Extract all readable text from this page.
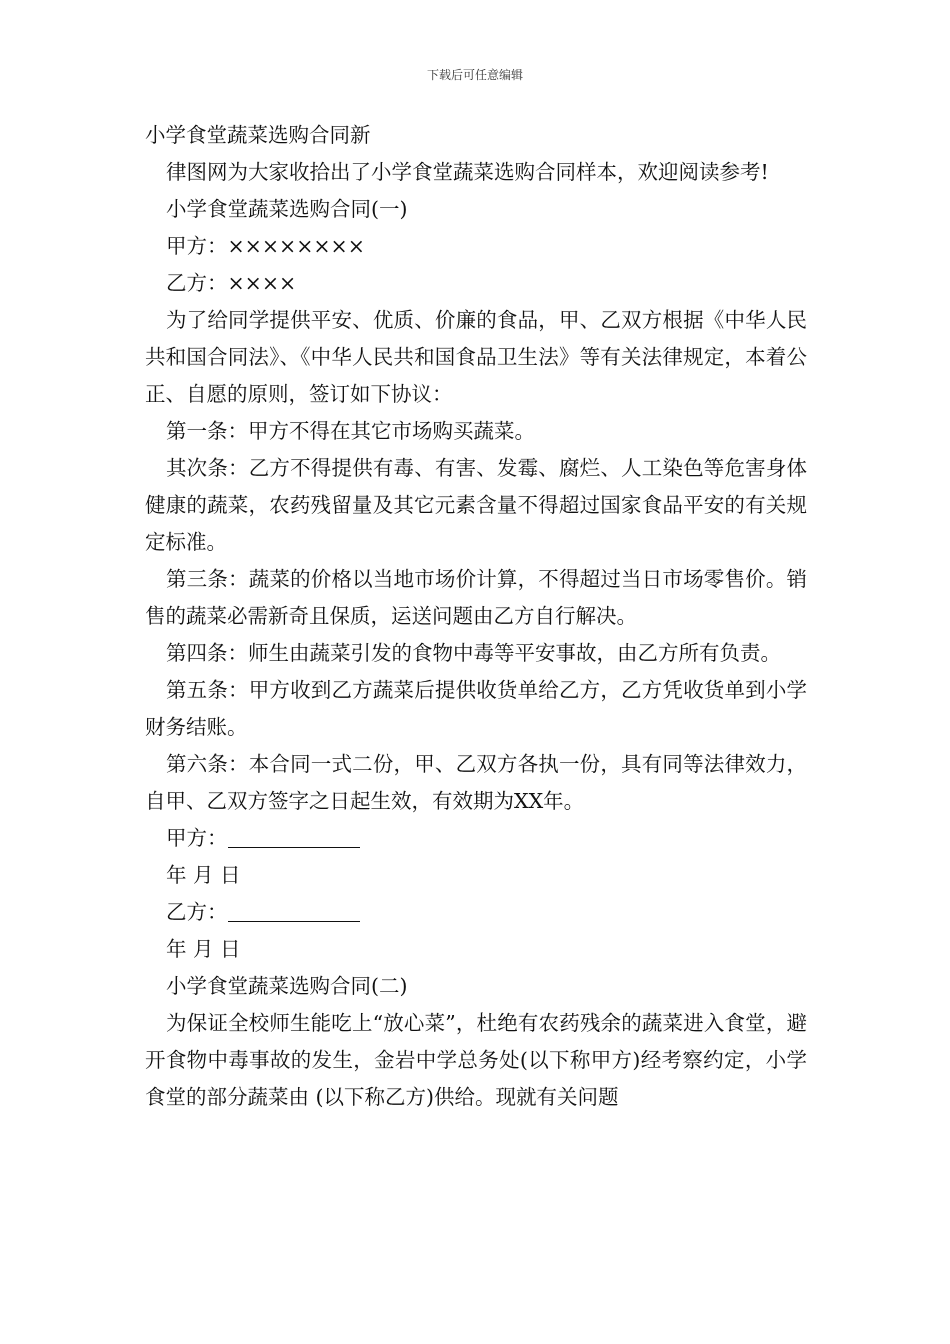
下载后可任意编辑

小学食堂蔬菜选购合同新

律图网为大家收拾出了小学食堂蔬菜选购合同样本，欢迎阅读参考!

小学食堂蔬菜选购合同(一)

甲方：××××××××

乙方：××××

为了给同学提供平安、优质、价廉的食品，甲、乙双方根据《中华人民共和国合同法》、《中华人民共和国食品卫生法》等有关法律规定，本着公正、自愿的原则，签订如下协议：

第一条：甲方不得在其它市场购买蔬菜。

其次条：乙方不得提供有毒、有害、发霉、腐烂、人工染色等危害身体健康的蔬菜，农药残留量及其它元素含量不得超过国家食品平安的有关规定标准。

第三条：蔬菜的价格以当地市场价计算，不得超过当日市场零售价。销售的蔬菜必需新奇且保质，运送问题由乙方自行解决。

第四条：师生由蔬菜引发的食物中毒等平安事故，由乙方所有负责。

第五条：甲方收到乙方蔬菜后提供收货单给乙方，乙方凭收货单到小学财务结账。

第六条：本合同一式二份，甲、乙双方各执一份，具有同等法律效力，自甲、乙双方签字之日起生效，有效期为XX年。

甲方：

年 月 日

乙方：

年 月 日

小学食堂蔬菜选购合同(二)

为保证全校师生能吃上“放心菜”，杜绝有农药残余的蔬菜进入食堂，避开食物中毒事故的发生，金岩中学总务处(以下称甲方)经考察约定，小学食堂的部分蔬菜由 (以下称乙方)供给。现就有关问题
